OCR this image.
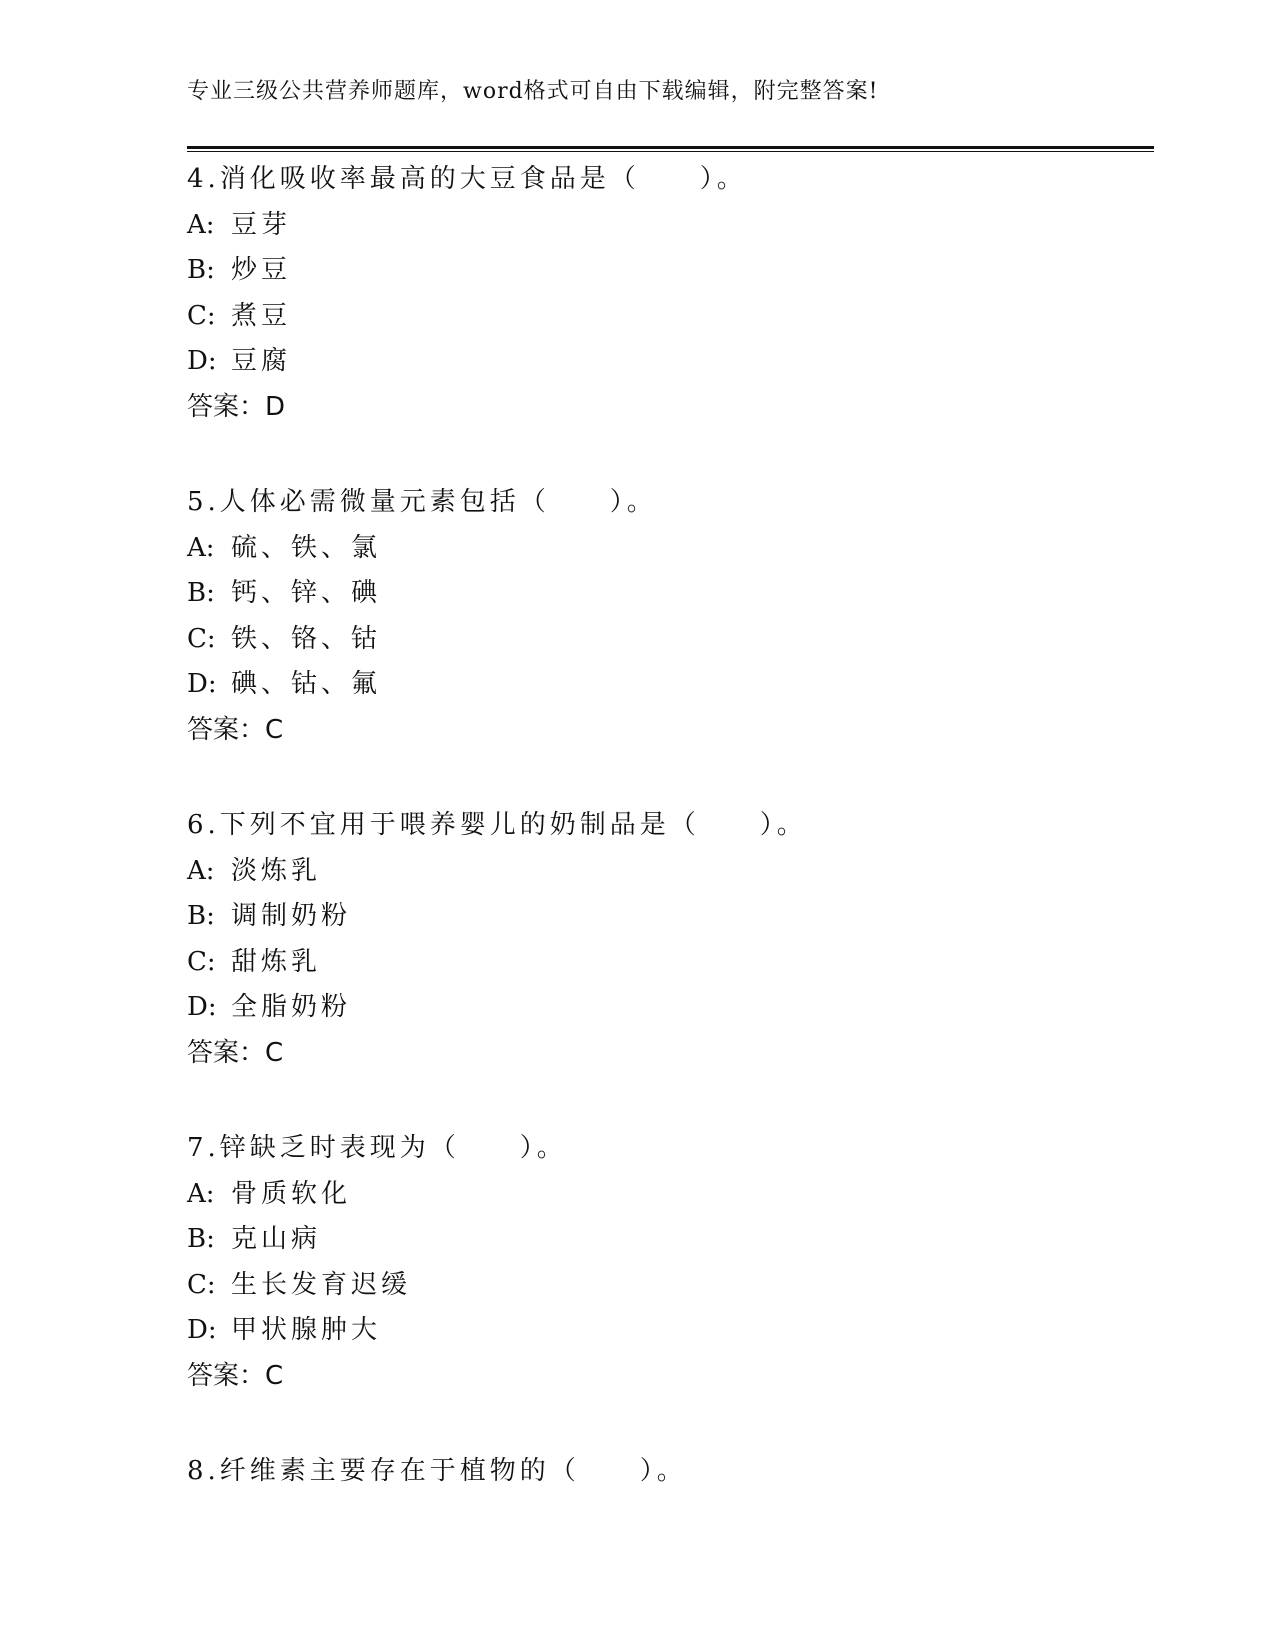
专业三级公共营养师题库，word格式可自由下载编辑，附完整答案!
4.消化吸收率最高的大豆食品是（　　）。
A: 豆芽
B: 炒豆
C: 煮豆
D: 豆腐
答案：D
5.人体必需微量元素包括（　　）。
A: 硫、铁、氯
B: 钙、锌、碘
C: 铁、铬、钴
D: 碘、钴、氟
答案：C
6.下列不宜用于喂养婴儿的奶制品是（　　）。
A: 淡炼乳
B: 调制奶粉
C: 甜炼乳
D: 全脂奶粉
答案：C
7.锌缺乏时表现为（　　）。
A: 骨质软化
B: 克山病
C: 生长发育迟缓
D: 甲状腺肿大
答案：C
8.纤维素主要存在于植物的（　　）。
